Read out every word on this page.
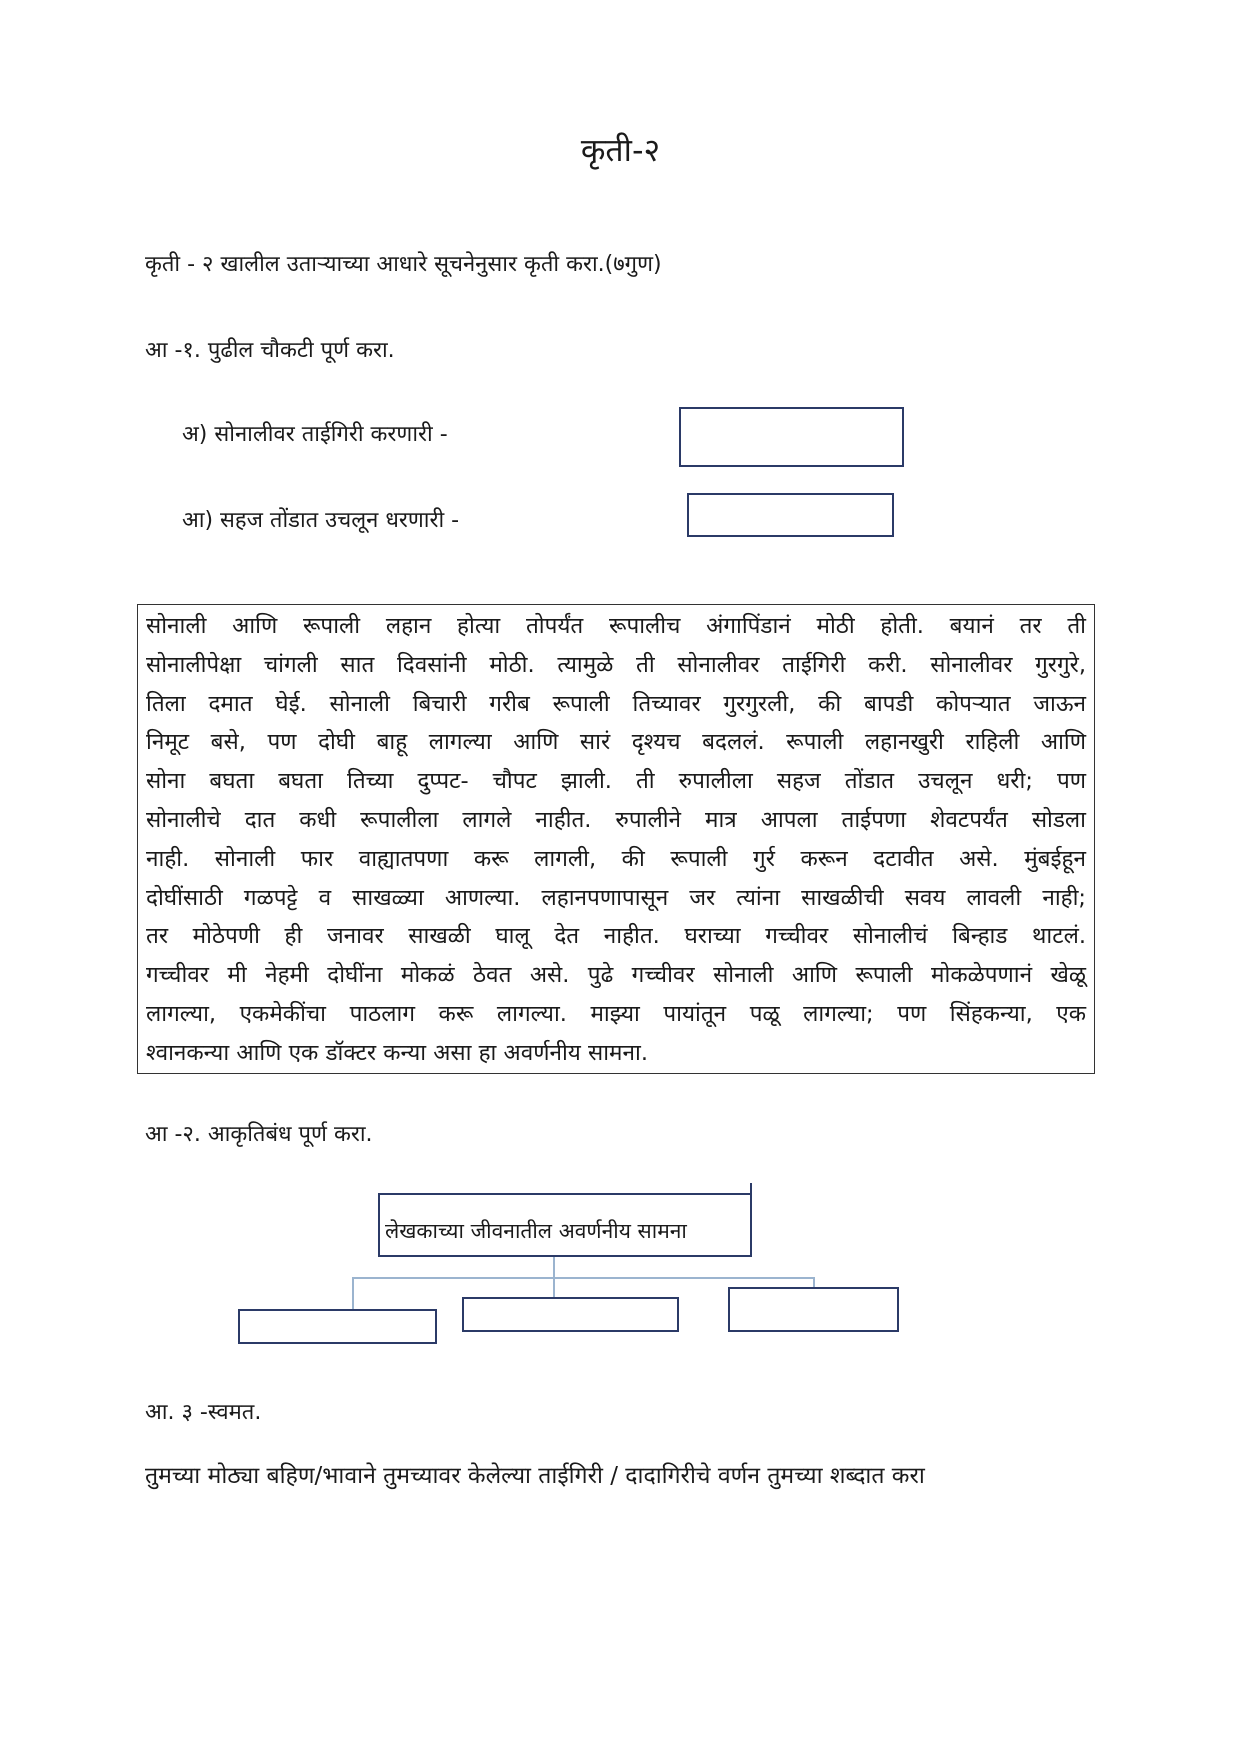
कृती-२
कृती - २ खालील उताऱ्याच्या आधारे सूचनेनुसार कृती करा.(७गुण)
आ -१. पुढील चौकटी पूर्ण करा.
अ) सोनालीवर ताईगिरी करणारी -
आ) सहज तोंडात उचलून धरणारी -
सोनाली आणि रूपाली लहान होत्या तोपर्यंत रूपालीच अंगापिंडानं मोठी होती. बयानं तर ती
सोनालीपेक्षा चांगली सात दिवसांनी मोठी. त्यामुळे ती सोनालीवर ताईगिरी करी. सोनालीवर गुरगुरे,
तिला दमात घेई. सोनाली बिचारी गरीब रूपाली तिच्यावर गुरगुरली, की बापडी कोपऱ्यात जाऊन
निमूट बसे, पण दोघी बाहू लागल्या आणि सारं दृश्यच बदललं. रूपाली लहानखुरी राहिली आणि
सोना बघता बघता तिच्या दुप्पट- चौपट झाली. ती रुपालीला सहज तोंडात उचलून धरी; पण
सोनालीचे दात कधी रूपालीला लागले नाहीत. रुपालीने मात्र आपला ताईपणा शेवटपर्यंत सोडला
नाही. सोनाली फार वाह्यातपणा करू लागली, की रूपाली गुर्र करून दटावीत असे. मुंबईहून
दोघींसाठी गळपट्टे व साखळ्या आणल्या. लहानपणापासून जर त्यांना साखळीची सवय लावली नाही;
तर मोठेपणी ही जनावर साखळी घालू देत नाहीत. घराच्या गच्चीवर सोनालीचं बिन्हाड थाटलं.
गच्चीवर मी नेहमी दोघींना मोकळं ठेवत असे. पुढे गच्चीवर सोनाली आणि रूपाली मोकळेपणानं खेळू
लागल्या, एकमेकींचा पाठलाग करू लागल्या. माझ्या पायांतून पळू लागल्या; पण सिंहकन्या, एक
श्वानकन्या आणि एक डॉक्टर कन्या असा हा अवर्णनीय सामना.
आ -२. आकृतिबंध पूर्ण करा.
लेखकाच्या जीवनातील अवर्णनीय सामना
आ. ३ -स्वमत.
तुमच्या मोठ्या बहिण/भावाने तुमच्यावर केलेल्या ताईगिरी / दादागिरीचे वर्णन तुमच्या शब्दात करा
